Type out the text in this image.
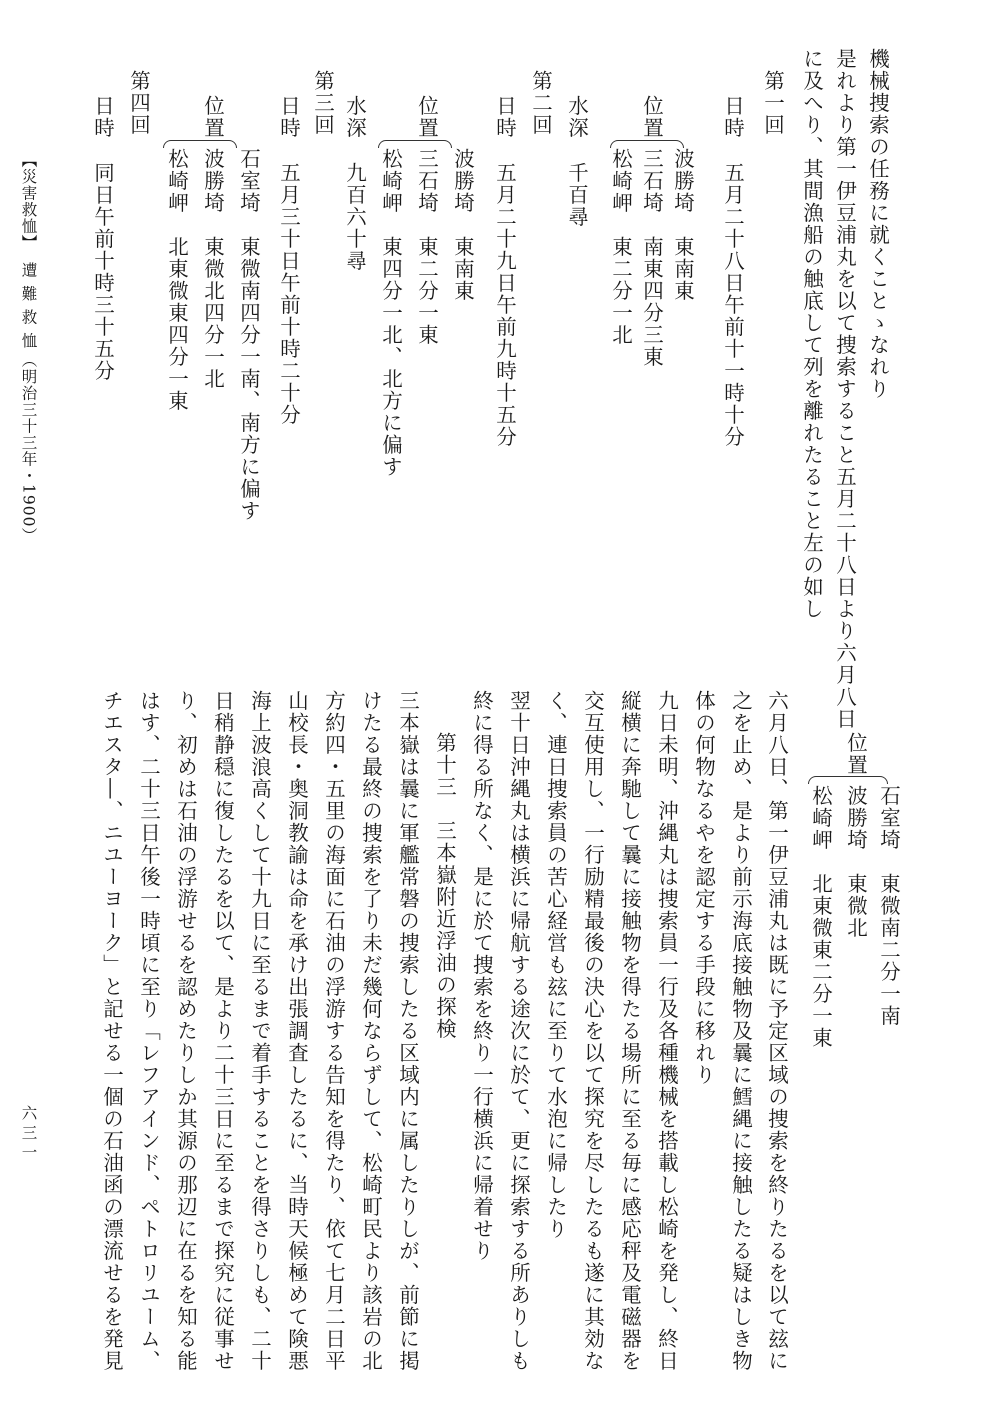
機械捜索の任務に就くことゝなれり
是れより第一伊豆浦丸を以て捜索すること五月二十八日より六月八日
に及へり、其間漁船の触底して列を離れたること左の如し
第一回
日時
五月二十八日午前十一時十分
波勝埼　東南東
位置
三石埼　南東四分三東
松崎岬　東二分一北
水深
千百尋
第二回
日時
五月二十九日午前九時十五分
波勝埼　東南東
位置
三石埼　東二分一東
松崎岬　東四分一北、北方に偏す
水深
九百六十尋
第三回
日時
五月三十日午前十時二十分
石室埼　東微南四分一南、南方に偏す
位置
波勝埼　東微北四分一北
松崎岬　北東微東四分一東
第四回
日時
同日午前十時三十五分
【災害救恤】
遭難救恤
（明治三十三年・1900）
位置
石室埼　東微南二分一南
波勝埼　東微北
松崎岬　北東微東二分一東
六月八日、第一伊豆浦丸は既に予定区域の捜索を終りたるを以て玆に
之を止め、是より前示海底接触物及曩に鱈縄に接触したる疑はしき物
体の何物なるやを認定する手段に移れり
九日未明、沖縄丸は捜索員一行及各種機械を搭載し松崎を発し、終日
縦横に奔馳して曩に接触物を得たる場所に至る毎に感応秤及電磁器を
交互使用し、一行励精最後の決心を以て探究を尽したるも遂に其効な
く、連日捜索員の苦心経営も玆に至りて水泡に帰したり
翌十日沖縄丸は横浜に帰航する途次に於て、更に探索する所ありしも
終に得る所なく、是に於て捜索を終り一行横浜に帰着せり
第十三　三本嶽附近浮油の探検
三本嶽は曩に軍艦常磐の捜索したる区域内に属したりしが、前節に掲
けたる最終の捜索を了り未だ幾何ならずして、松崎町民より該岩の北
方約四・五里の海面に石油の浮游する告知を得たり、依て七月二日平
山校長・奥洞教諭は命を承け出張調査したるに、当時天候極めて険悪
海上波浪高くして十九日に至るまで着手することを得さりしも、二十
日稍静穏に復したるを以て、是より二十三日に至るまで探究に従事せ
り、初めは石油の浮游せるを認めたりしか其源の那辺に在るを知る能
はす、二十三日午後一時頃に至り「レフアインド、ペトロリユーム、
チエスタ―、ニユーヨーク」と記せる一個の石油函の漂流せるを発見
六三一
